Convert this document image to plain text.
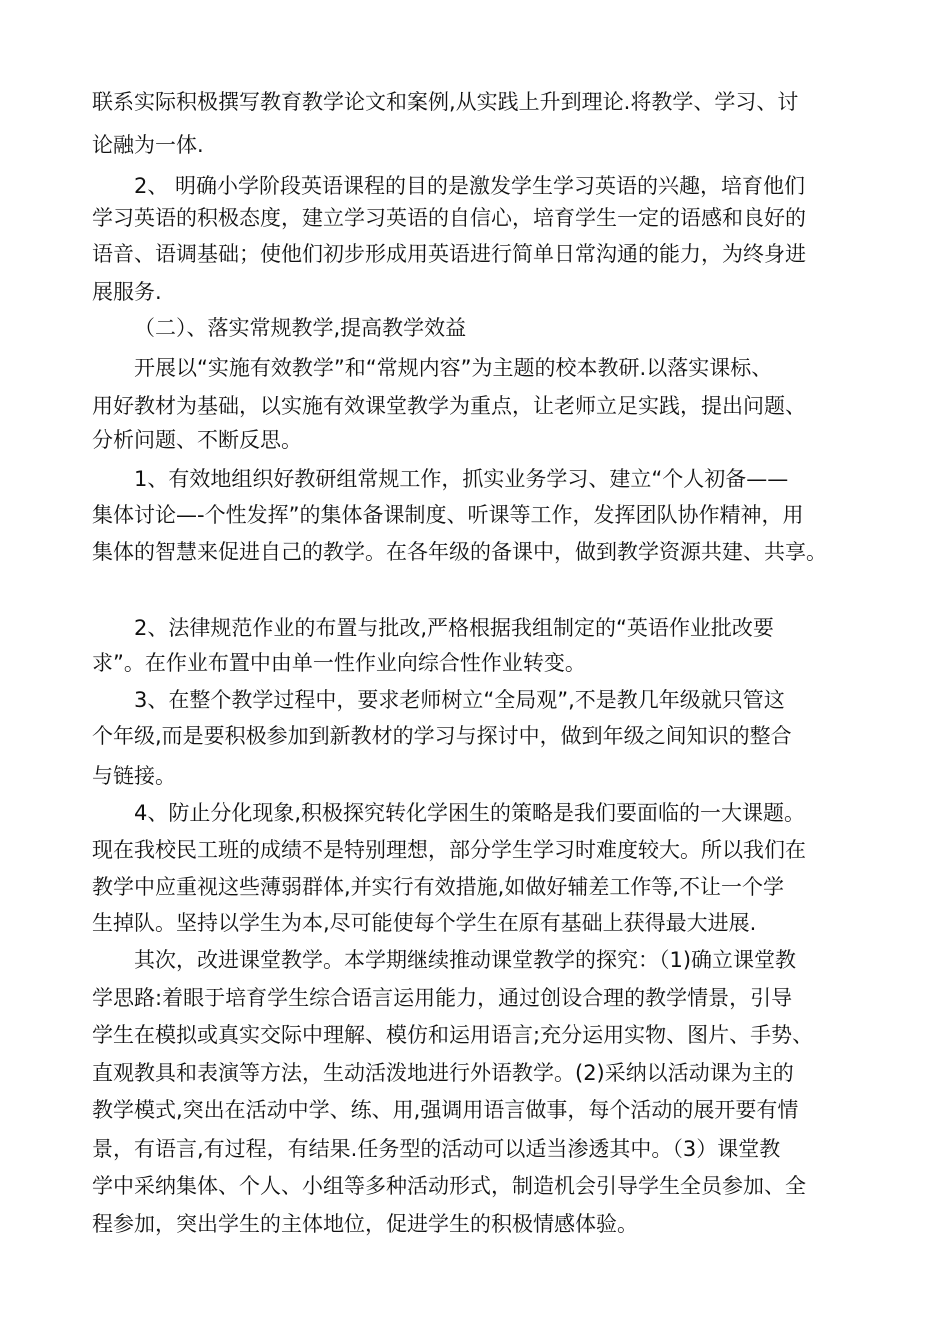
联系实际积极撰写教育教学论文和案例,从实践上升到理论.将教学、学习、讨
论融为一体.
2、 明确小学阶段英语课程的目的是激发学生学习英语的兴趣，培育他们
学习英语的积极态度，建立学习英语的自信心，培育学生一定的语感和良好的
语音、语调基础；使他们初步形成用英语进行简单日常沟通的能力，为终身进
展服务.
（二）、落实常规教学,提高教学效益
开展以“实施有效教学”和“常规内容”为主题的校本教研.以落实课标、
用好教材为基础，以实施有效课堂教学为重点，让老师立足实践，提出问题、
分析问题、不断反思。
1、有效地组织好教研组常规工作，抓实业务学习、建立“个人初备——
集体讨论—-个性发挥”的集体备课制度、听课等工作，发挥团队协作精神，用
集体的智慧来促进自己的教学。在各年级的备课中，做到教学资源共建、共享。
2、法律规范作业的布置与批改,严格根据我组制定的“英语作业批改要
求”。在作业布置中由单一性作业向综合性作业转变。
3、在整个教学过程中，要求老师树立“全局观”,不是教几年级就只管这
个年级,而是要积极参加到新教材的学习与探讨中，做到年级之间知识的整合
与链接。
4、防止分化现象,积极探究转化学困生的策略是我们要面临的一大课题。
现在我校民工班的成绩不是特别理想，部分学生学习时难度较大。所以我们在
教学中应重视这些薄弱群体,并实行有效措施,如做好辅差工作等,不让一个学
生掉队。坚持以学生为本,尽可能使每个学生在原有基础上获得最大进展.
其次，改进课堂教学。本学期继续推动课堂教学的探究：（1)确立课堂教
学思路:着眼于培育学生综合语言运用能力，通过创设合理的教学情景，引导
学生在模拟或真实交际中理解、模仿和运用语言;充分运用实物、图片、手势、
直观教具和表演等方法，生动活泼地进行外语教学。(2)采纳以活动课为主的
教学模式,突出在活动中学、练、用,强调用语言做事，每个活动的展开要有情
景，有语言,有过程，有结果.任务型的活动可以适当渗透其中。（3）课堂教
学中采纳集体、个人、小组等多种活动形式，制造机会引导学生全员参加、全
程参加，突出学生的主体地位，促进学生的积极情感体验。
